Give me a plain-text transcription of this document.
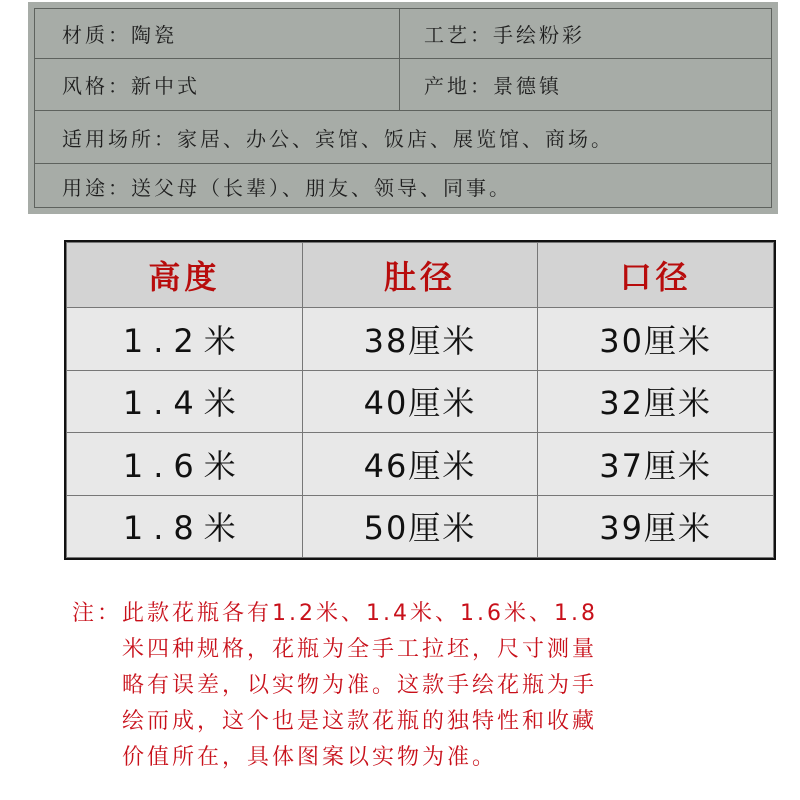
材质：陶瓷	工艺：手绘粉彩
风格：新中式	产地：景德镇
适用场所：家居、办公、宾馆、饭店、展览馆、商场。
用途：送父母（长辈）、朋友、领导、同事。
高度	肚径	口径
1.2米	38厘米	30厘米
1.4米	40厘米	32厘米
1.6米	46厘米	37厘米
1.8米	50厘米	39厘米

注：此款花瓶各有1.2米、1.4米、1.6米、1.8

米四种规格，花瓶为全手工拉坯，尺寸测量

略有误差，以实物为准。这款手绘花瓶为手

绘而成，这个也是这款花瓶的独特性和收藏

价值所在，具体图案以实物为准。
